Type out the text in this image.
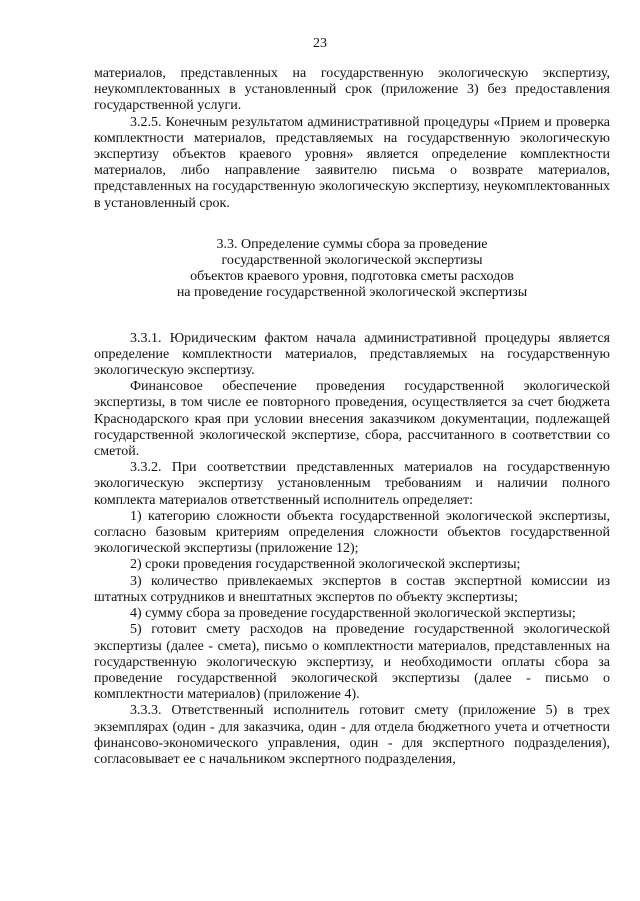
23

материалов, представленных на государственную экологическую экспертизу, неукомплектованных в установленный срок (приложение 3) без предоставления государственной услуги.

3.2.5. Конечным результатом административной процедуры «Прием и проверка комплектности материалов, представляемых на государственную экологическую экспертизу объектов краевого уровня» является определение комплектности материалов, либо направление заявителю письма о возврате материалов, представленных на государственную экологическую экспертизу, неукомплектованных в установленный срок.

3.3. Определение суммы сбора за проведение
государственной экологической экспертизы
объектов краевого уровня, подготовка сметы расходов
на проведение государственной экологической экспертизы

3.3.1. Юридическим фактом начала административной процедуры является определение комплектности материалов, представляемых на государственную экологическую экспертизу.

Финансовое обеспечение проведения государственной экологической экспертизы, в том числе ее повторного проведения, осуществляется за счет бюджета Краснодарского края при условии внесения заказчиком документации, подлежащей государственной экологической экспертизе, сбора, рассчитанного в соответствии со сметой.

3.3.2. При соответствии представленных материалов на государственную экологическую экспертизу установленным требованиям и наличии полного комплекта материалов ответственный исполнитель определяет:

1) категорию сложности объекта государственной экологической экспертизы, согласно базовым критериям определения сложности объектов государственной экологической экспертизы (приложение 12);

2) сроки проведения государственной экологической экспертизы;

3) количество привлекаемых экспертов в состав экспертной комиссии из штатных сотрудников и внештатных экспертов по объекту экспертизы;

4) сумму сбора за проведение государственной экологической экспертизы;

5) готовит смету расходов на проведение государственной экологической экспертизы (далее - смета), письмо о комплектности материалов, представленных на государственную экологическую экспертизу, и необходимости оплаты сбора за проведение государственной экологической экспертизы (далее - письмо о комплектности материалов) (приложение 4).

3.3.3. Ответственный исполнитель готовит смету (приложение 5) в трех экземплярах (один - для заказчика, один - для отдела бюджетного учета и отчетности финансово-экономического управления, один - для экспертного подразделения), согласовывает ее с начальником экспертного подразделения,
